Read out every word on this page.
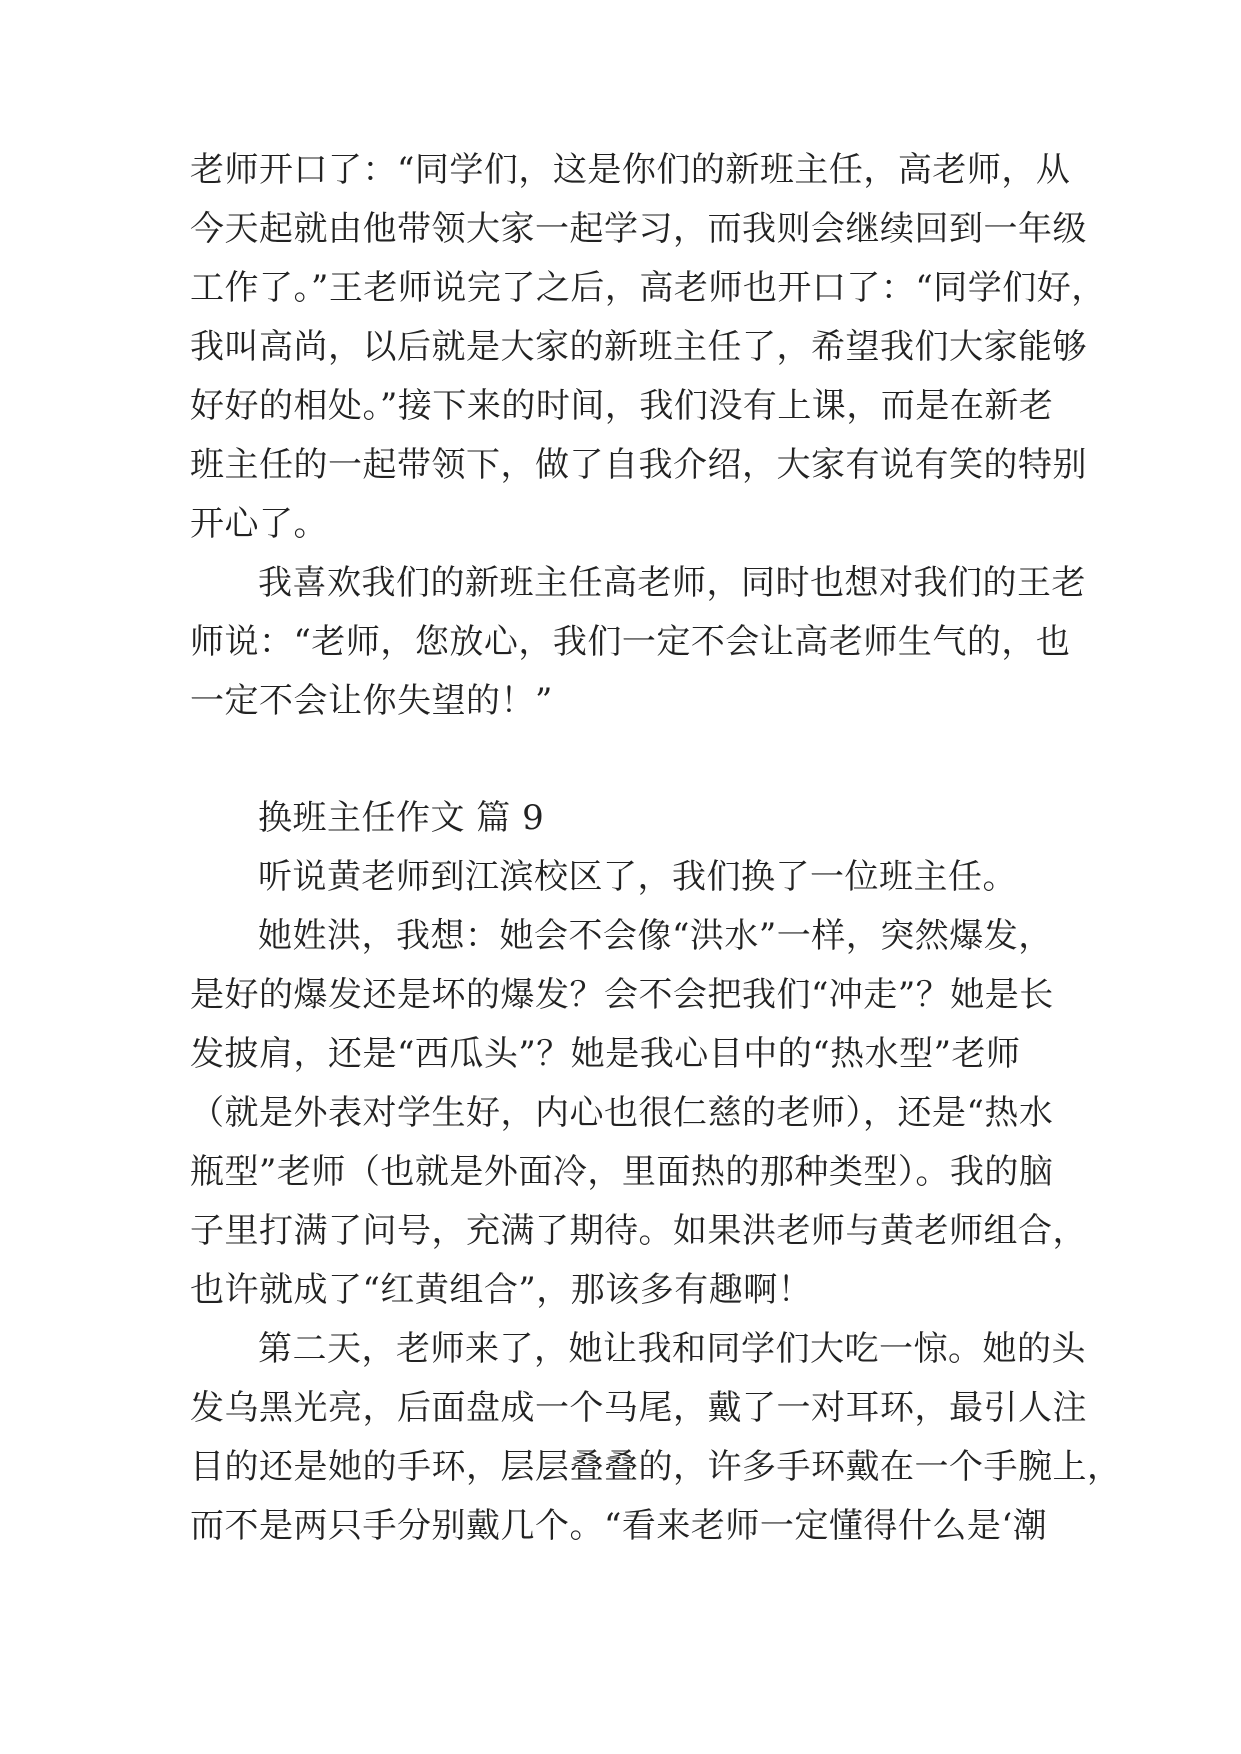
老师开口了：“同学们，这是你们的新班主任，高老师，从
今天起就由他带领大家一起学习，而我则会继续回到一年级
工作了。”王老师说完了之后，高老师也开口了：“同学们好，
我叫高尚，以后就是大家的新班主任了，希望我们大家能够
好好的相处。”接下来的时间，我们没有上课，而是在新老
班主任的一起带领下，做了自我介绍，大家有说有笑的特别
开心了。
我喜欢我们的新班主任高老师，同时也想对我们的王老
师说：“老师，您放心，我们一定不会让高老师生气的，也
一定不会让你失望的！”
换班主任作文 篇 9
听说黄老师到江滨校区了，我们换了一位班主任。
她姓洪，我想：她会不会像“洪水”一样，突然爆发，
是好的爆发还是坏的爆发？会不会把我们“冲走”？她是长
发披肩，还是“西瓜头”？她是我心目中的“热水型”老师
（就是外表对学生好，内心也很仁慈的老师），还是“热水
瓶型”老师（也就是外面冷，里面热的那种类型）。我的脑
子里打满了问号，充满了期待。如果洪老师与黄老师组合，
也许就成了“红黄组合”，那该多有趣啊！
第二天，老师来了，她让我和同学们大吃一惊。她的头
发乌黑光亮，后面盘成一个马尾，戴了一对耳环，最引人注
目的还是她的手环，层层叠叠的，许多手环戴在一个手腕上，
而不是两只手分别戴几个。“看来老师一定懂得什么是‘潮
